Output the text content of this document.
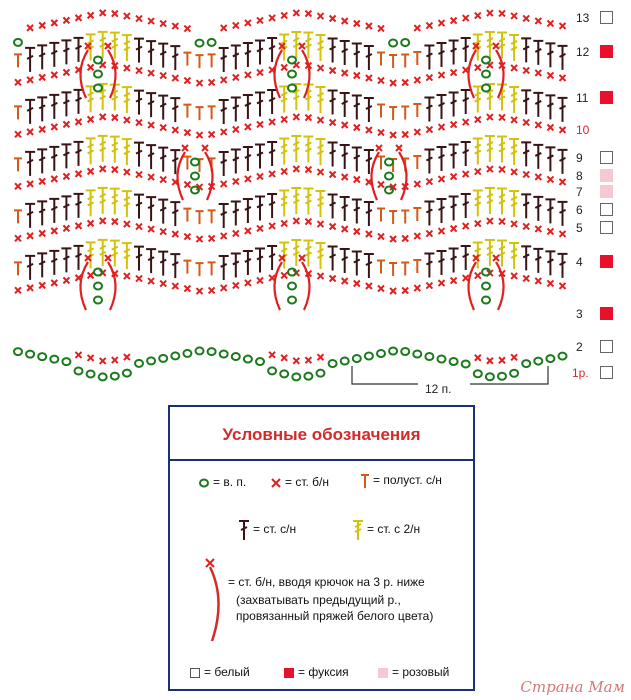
13
12
11
10
9
8
7
6
5
4
3
2
1р.
12 п.
Условные обозначения
= в. п.	= ст. б/н	= полуст. с/н
= ст. с/н	= ст. с 2/н
= ст. б/н, вводя крючок на 3 р. ниже
(захватывать предыдущий р.,
провязанный пряжей белого цвета)
= белый	= фуксия	= розовый
Страна Мам
